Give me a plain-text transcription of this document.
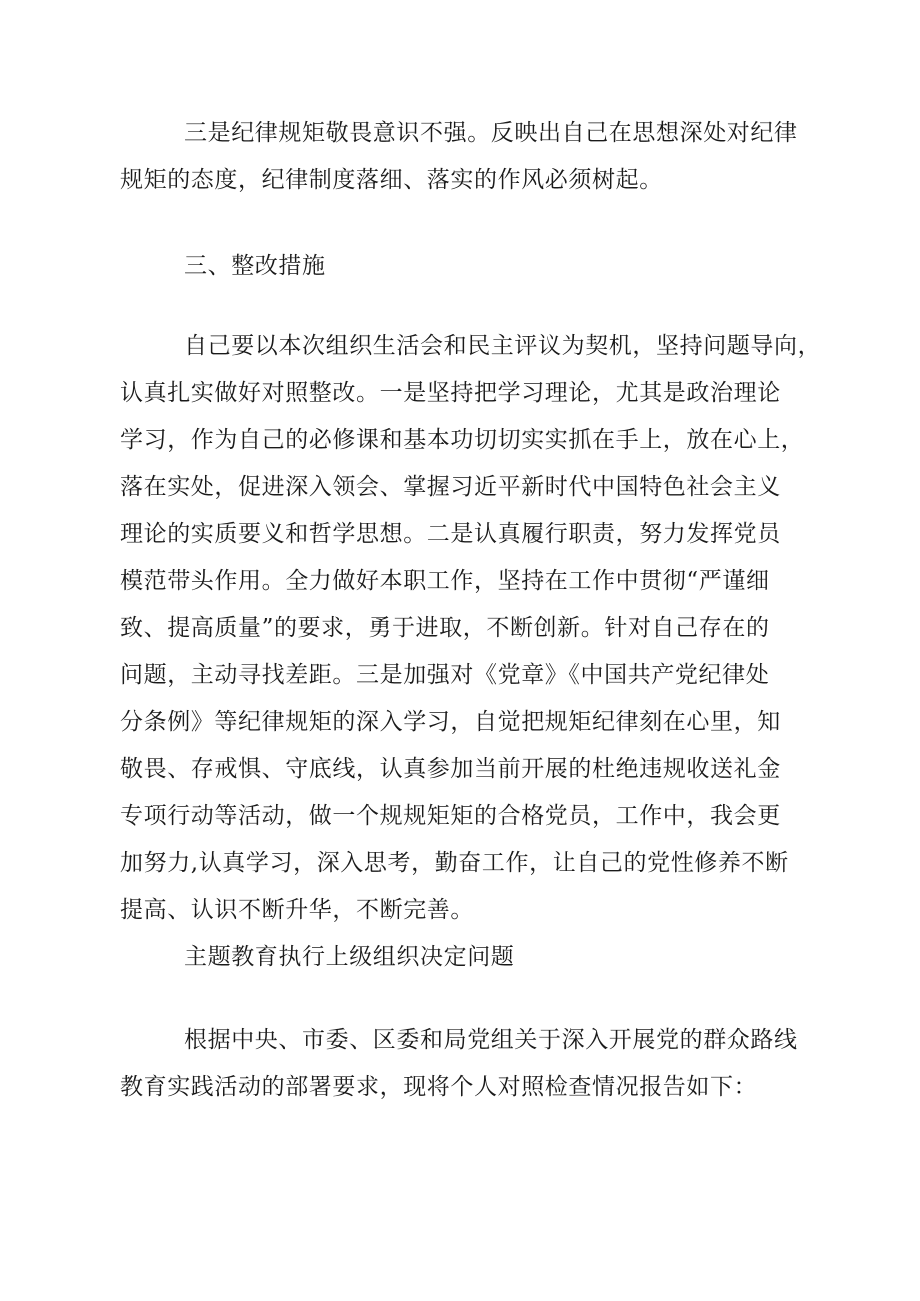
三是纪律规矩敬畏意识不强。反映出自己在思想深处对纪律
规矩的态度，纪律制度落细、落实的作风必须树起。

三、整改措施

自己要以本次组织生活会和民主评议为契机，坚持问题导向，
认真扎实做好对照整改。一是坚持把学习理论，尤其是政治理论
学习，作为自己的必修课和基本功切切实实抓在手上，放在心上，
落在实处，促进深入领会、掌握习近平新时代中国特色社会主义
理论的实质要义和哲学思想。二是认真履行职责，努力发挥党员
模范带头作用。全力做好本职工作，坚持在工作中贯彻“严谨细
致、提高质量”的要求，勇于进取，不断创新。针对自己存在的
问题，主动寻找差距。三是加强对《党章》《中国共产党纪律处
分条例》等纪律规矩的深入学习，自觉把规矩纪律刻在心里，知
敬畏、存戒惧、守底线，认真参加当前开展的杜绝违规收送礼金
专项行动等活动，做一个规规矩矩的合格党员，工作中，我会更
加努力,认真学习，深入思考，勤奋工作，让自己的党性修养不断
提高、认识不断升华，不断完善。

主题教育执行上级组织决定问题

根据中央、市委、区委和局党组关于深入开展党的群众路线
教育实践活动的部署要求，现将个人对照检查情况报告如下：
